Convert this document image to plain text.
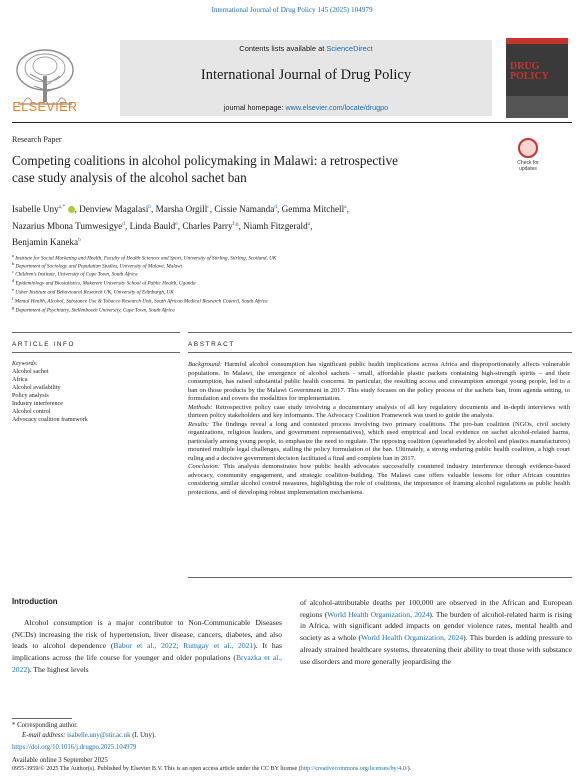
International Journal of Drug Policy 145 (2025) 104979
Contents lists available at ScienceDirect
International Journal of Drug Policy
journal homepage: www.elsevier.com/locate/drugpo
ELSEVIER
DRUG POLICY
Research Paper
Competing coalitions in alcohol policymaking in Malawi: a retrospective
case study analysis of the alcohol sachet ban
Check for
updates
Isabelle Uny$^{a,*}$ , Denview Magalasi$^b$, Marsha Orgill$^c$, Cissie Namanda$^d$, Gemma Mitchell$^a$,
Nazarius Mbona Tumwesigye$^d$, Linda Bauld$^e$, Charles Parry$^{f,g}$, Niamh Fitzgerald$^a$,
Benjamin Kaneka$^b$
$^a$ Institute for Social Marketing and Health, Faculty of Health Sciences and Sport, University of Stirling, Stirling, Scotland, UK
$^b$ Department of Sociology and Population Studies, University of Malawi, Malawi
$^c$ Children’s Institute, University of Cape Town, South Africa
$^d$ Epidemiology and Biostatistics, Makerere University School of Public Health, Uganda
$^e$ Usher Institute and Behavioural Research UK, University of Edinburgh, UK
$^f$ Mental Health, Alcohol, Substance Use & Tobacco Research Unit, South African Medical Research Council, South Africa
$^g$ Department of Psychiatry, Stellenbosch University, Cape Town, South Africa
ARTICLE INFO	ABSTRACT
Keywords:
Alcohol sachet
Africa
Alcohol availability
Policy analysis
Industry interference
Alcohol control
Advocacy coalition framework
Background: Harmful alcohol consumption has significant public health implications across Africa and disproportionately affects vulnerable populations. In Malawi, the emergence of alcohol sachets - small, affordable plastic packets containing high-strength spirits – and their consumption, has raised substantial public health concerns. In particular, the resulting access and consumption amongst young people, led to a ban on those products by the Malawi Government in 2017. This study focuses on the policy process of the sachets ban, from agenda setting, to formulation and covers the modalities for implementation.
Methods: Retrospective policy case study involving a documentary analysis of all key regulatory documents and in-depth interviews with thirteen policy stakeholders and key informants. The Advocacy Coalition Framework was used to guide the analysis.
Results: The findings reveal a long and contested process involving two primary coalitions. The pro-ban coalition (NGOs, civil society organizations, religious leaders, and government representatives), which used empirical and local evidence on sachet alcohol-related harms, particularly among young people, to emphasize the need to regulate. The opposing coalition (spearheaded by alcohol and plastics manufacturers) mounted multiple legal challenges, stalling the policy formulation of the ban. Ultimately, a strong enduring public health coalition, a high court ruling and a decisive government decision facilitated a final and complete ban in 2017.
Conclusion: This analysis demonstrates how public health advocates successfully countered industry interference through evidence-based advocacy, community engagement, and strategic coalition-building. The Malawi case offers valuable lessons for other African countries considering similar alcohol control measures, highlighting the role of coalitions, the importance of framing alcohol regulations as public health protections, and of developing robust implementation mechanisms.
Introduction
Alcohol consumption is a major contributor to Non-Communicable Diseases (NCDs) increasing the risk of hypertension, liver disease, cancers, diabetes, and also leads to alcohol dependence (Babor et al., 2022; Rumgay et al., 2021). It has implications across the life course for younger and older populations (Bryazka et al., 2022). The highest levels
of alcohol-attributable deaths per 100,000 are observed in the African and European regions (World Health Organization, 2024). The burden of alcohol-related harm is rising in Africa, with significant added impacts on gender violence rates, mental health and society as a whole (World Health Organization, 2024). This burden is adding pressure to already strained healthcare systems, threatening their ability to treat those with substance use disorders and more generally jeopardising the
* Corresponding author.
E-mail address: isabelle.uny@stir.ac.uk (I. Uny).
https://doi.org/10.1016/j.drugpo.2025.104979
Available online 3 September 2025
0955-3959/© 2025 The Author(s). Published by Elsevier B.V. This is an open access article under the CC BY license (http://creativecommons.org/licenses/by/4.0/).
